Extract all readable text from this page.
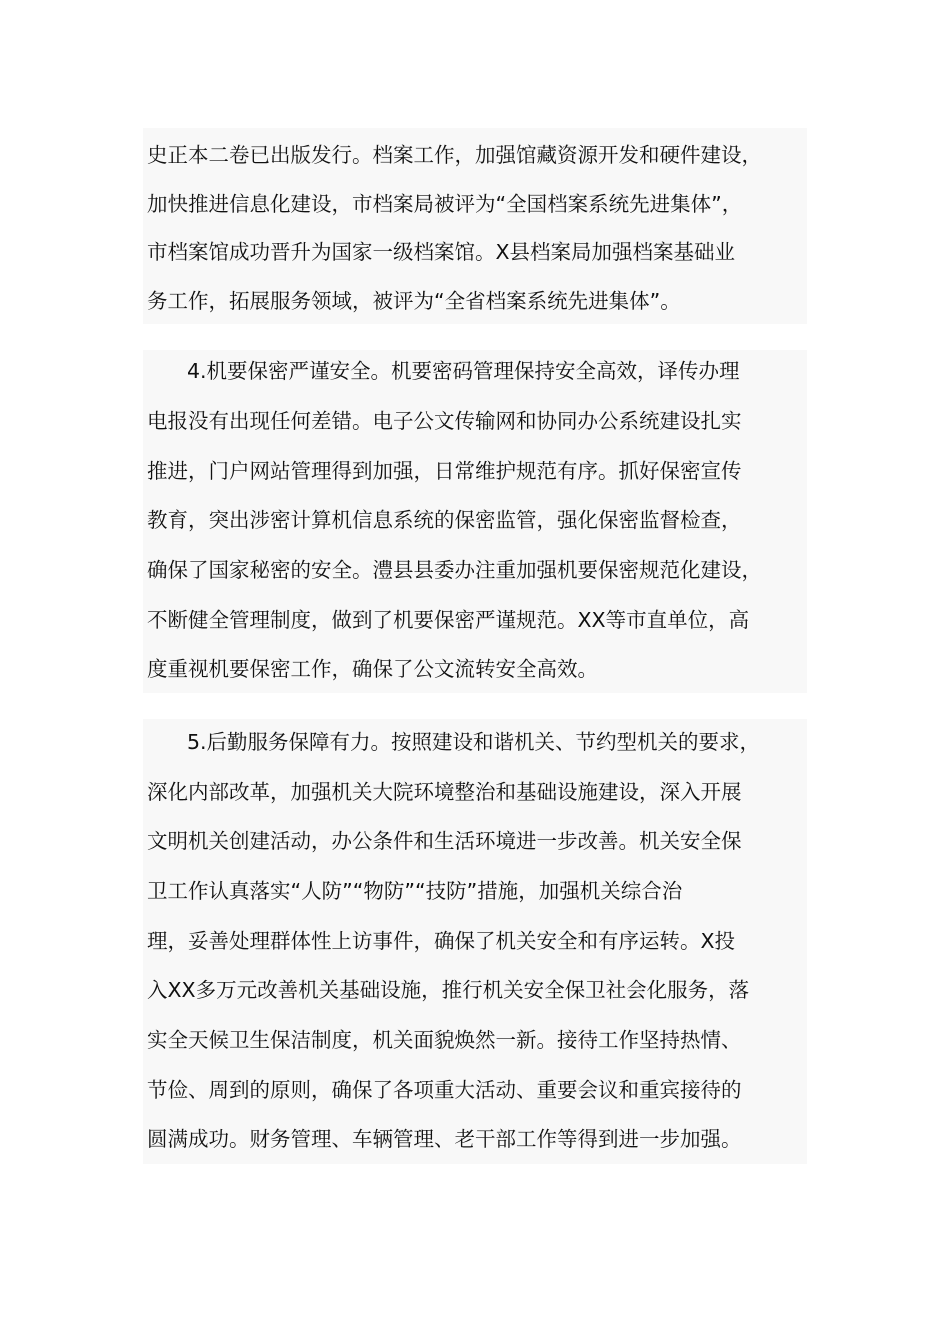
史正本二卷已出版发行。档案工作，加强馆藏资源开发和硬件建设，
加快推进信息化建设，市档案局被评为“全国档案系统先进集体”，
市档案馆成功晋升为国家一级档案馆。X县档案局加强档案基础业
务工作，拓展服务领域，被评为“全省档案系统先进集体”。
4.机要保密严谨安全。机要密码管理保持安全高效，译传办理
电报没有出现任何差错。电子公文传输网和协同办公系统建设扎实
推进，门户网站管理得到加强，日常维护规范有序。抓好保密宣传
教育，突出涉密计算机信息系统的保密监管，强化保密监督检查，
确保了国家秘密的安全。澧县县委办注重加强机要保密规范化建设，
不断健全管理制度，做到了机要保密严谨规范。XX等市直单位，高
度重视机要保密工作，确保了公文流转安全高效。
5.后勤服务保障有力。按照建设和谐机关、节约型机关的要求，
深化内部改革，加强机关大院环境整治和基础设施建设，深入开展
文明机关创建活动，办公条件和生活环境进一步改善。机关安全保
卫工作认真落实“人防”“物防”“技防”措施，加强机关综合治
理，妥善处理群体性上访事件，确保了机关安全和有序运转。X投
入XX多万元改善机关基础设施，推行机关安全保卫社会化服务，落
实全天候卫生保洁制度，机关面貌焕然一新。接待工作坚持热情、
节俭、周到的原则，确保了各项重大活动、重要会议和重宾接待的
圆满成功。财务管理、车辆管理、老干部工作等得到进一步加强。
